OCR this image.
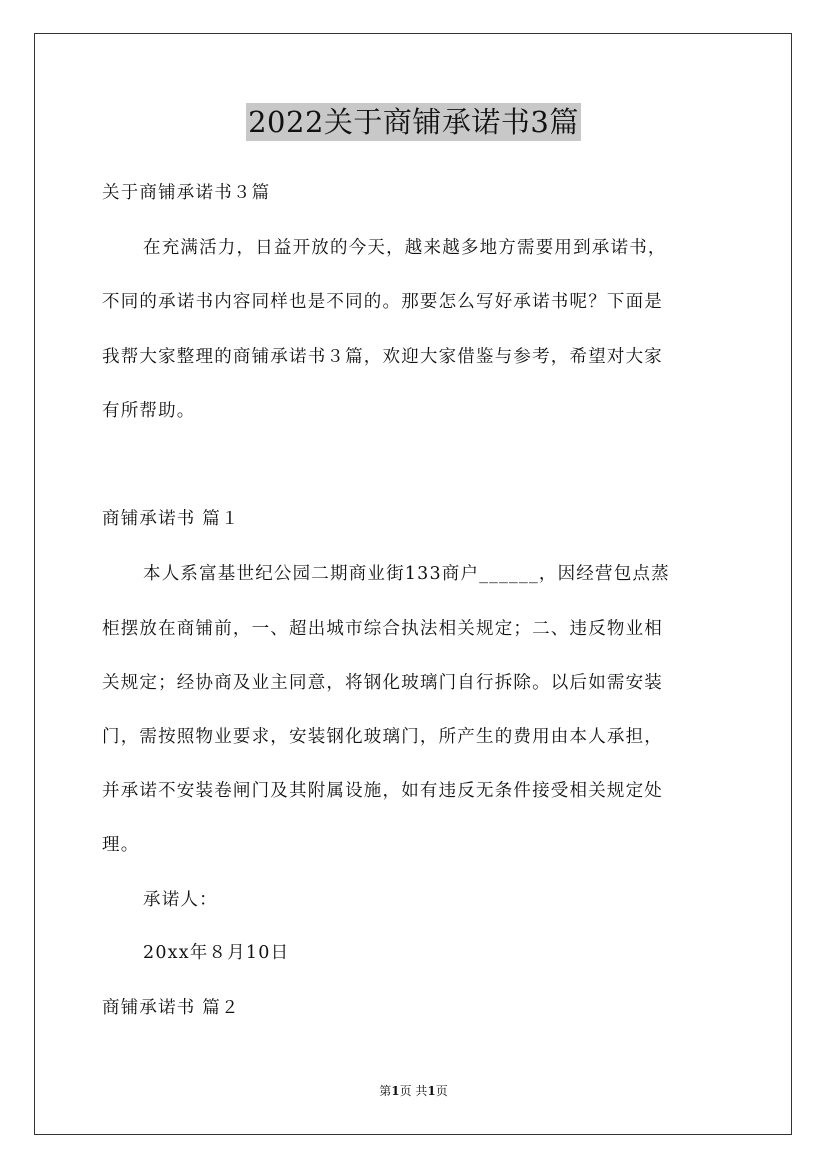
2022关于商铺承诺书3篇
关于商铺承诺书３篇
在充满活力，日益开放的今天，越来越多地方需要用到承诺书，
不同的承诺书内容同样也是不同的。那要怎么写好承诺书呢？下面是
我帮大家整理的商铺承诺书３篇，欢迎大家借鉴与参考，希望对大家
有所帮助。
商铺承诺书 篇１
本人系富基世纪公园二期商业街133商户______，因经营包点蒸
柜摆放在商铺前，一、超出城市综合执法相关规定；二、违反物业相
关规定；经协商及业主同意，将钢化玻璃门自行拆除。以后如需安装
门，需按照物业要求，安装钢化玻璃门，所产生的费用由本人承担，
并承诺不安装卷闸门及其附属设施，如有违反无条件接受相关规定处
理。
承诺人：
20xx年８月10日
商铺承诺书 篇２
第1页 共1页
